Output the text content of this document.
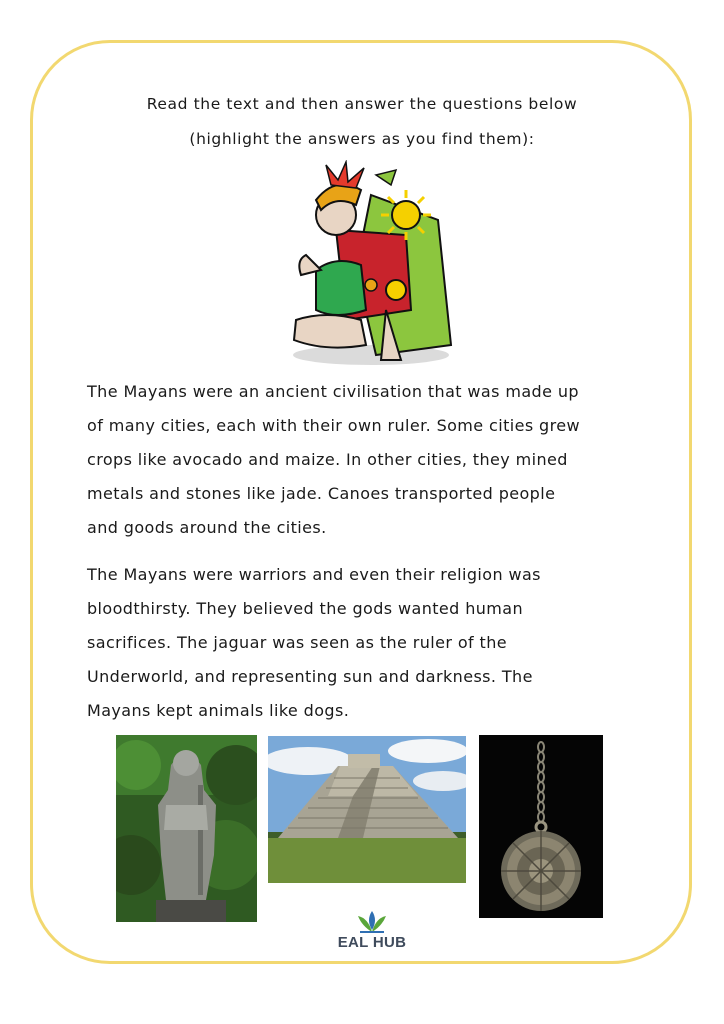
Read the text and then answer the questions below
(highlight the answers as you find them):
The Mayans were an ancient civilisation that was made up
of many cities, each with their own ruler. Some cities grew
crops like avocado and maize. In other cities, they mined
metals and stones like jade. Canoes transported people
and goods around the cities.
The Mayans were warriors and even their religion was
bloodthirsty. They believed the gods wanted human
sacrifices. The jaguar was seen as the ruler of the
Underworld, and representing sun and darkness. The
Mayans kept animals like dogs.
EAL HUB
